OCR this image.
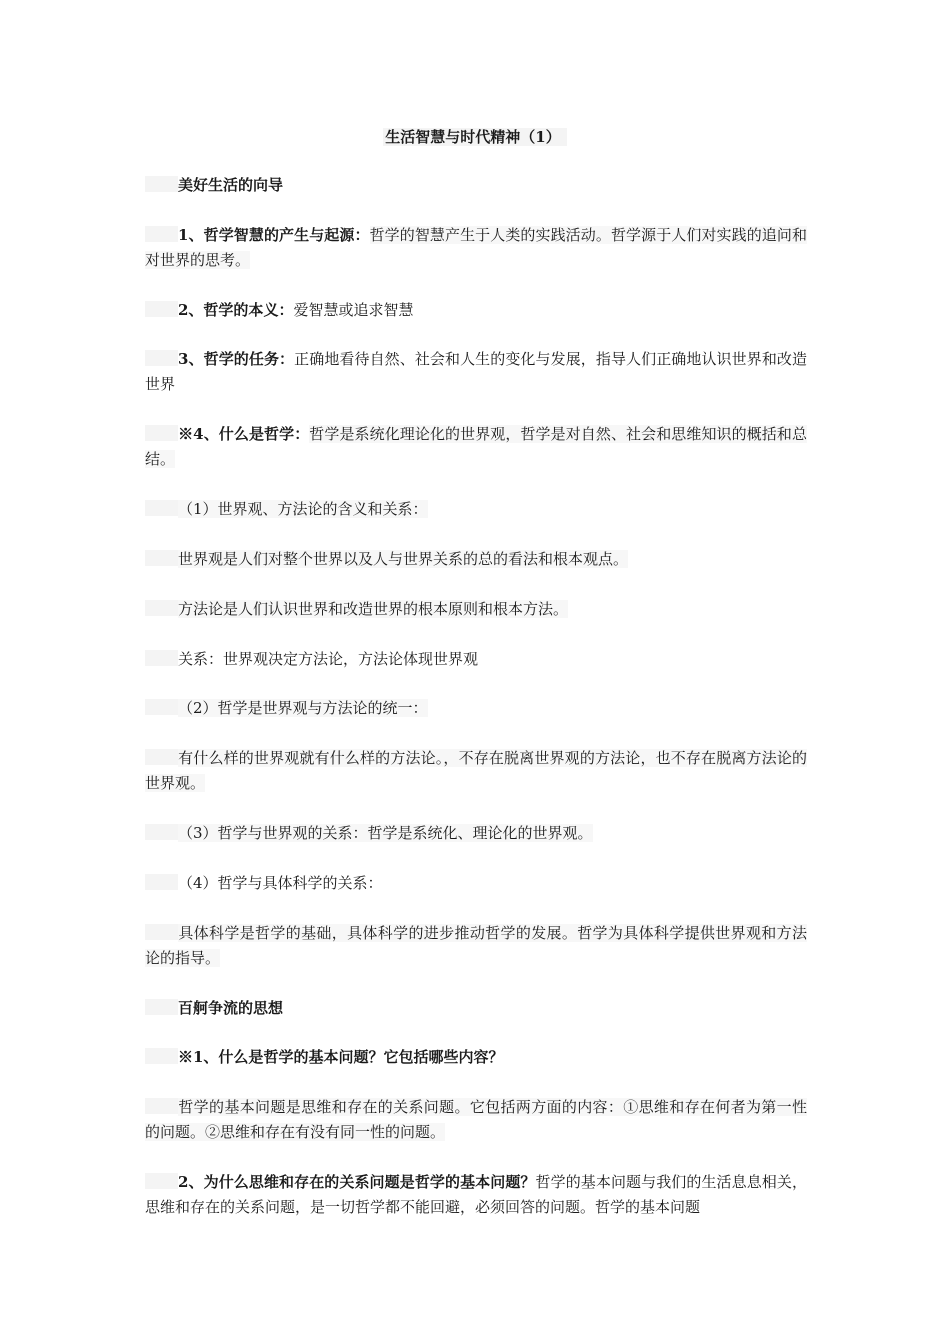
生活智慧与时代精神（1）
美好生活的向导
1、哲学智慧的产生与起源：哲学的智慧产生于人类的实践活动。哲学源于人们对实践的追问和对世界的思考。
2、哲学的本义：爱智慧或追求智慧
3、哲学的任务：正确地看待自然、社会和人生的变化与发展，指导人们正确地认识世界和改造世界
※4、什么是哲学：哲学是系统化理论化的世界观，哲学是对自然、社会和思维知识的概括和总结。
（1）世界观、方法论的含义和关系：
世界观是人们对整个世界以及人与世界关系的总的看法和根本观点。
方法论是人们认识世界和改造世界的根本原则和根本方法。
关系：世界观决定方法论，方法论体现世界观
（2）哲学是世界观与方法论的统一：
有什么样的世界观就有什么样的方法论。，不存在脱离世界观的方法论，也不存在脱离方法论的世界观。
（3）哲学与世界观的关系：哲学是系统化、理论化的世界观。
（4）哲学与具体科学的关系：
具体科学是哲学的基础，具体科学的进步推动哲学的发展。哲学为具体科学提供世界观和方法论的指导。
百舸争流的思想
※1、什么是哲学的基本问题？它包括哪些内容？
哲学的基本问题是思维和存在的关系问题。它包括两方面的内容：①思维和存在何者为第一性的问题。②思维和存在有没有同一性的问题。
2、为什么思维和存在的关系问题是哲学的基本问题？哲学的基本问题与我们的生活息息相关，思维和存在的关系问题，是一切哲学都不能回避，必须回答的问题。哲学的基本问题
